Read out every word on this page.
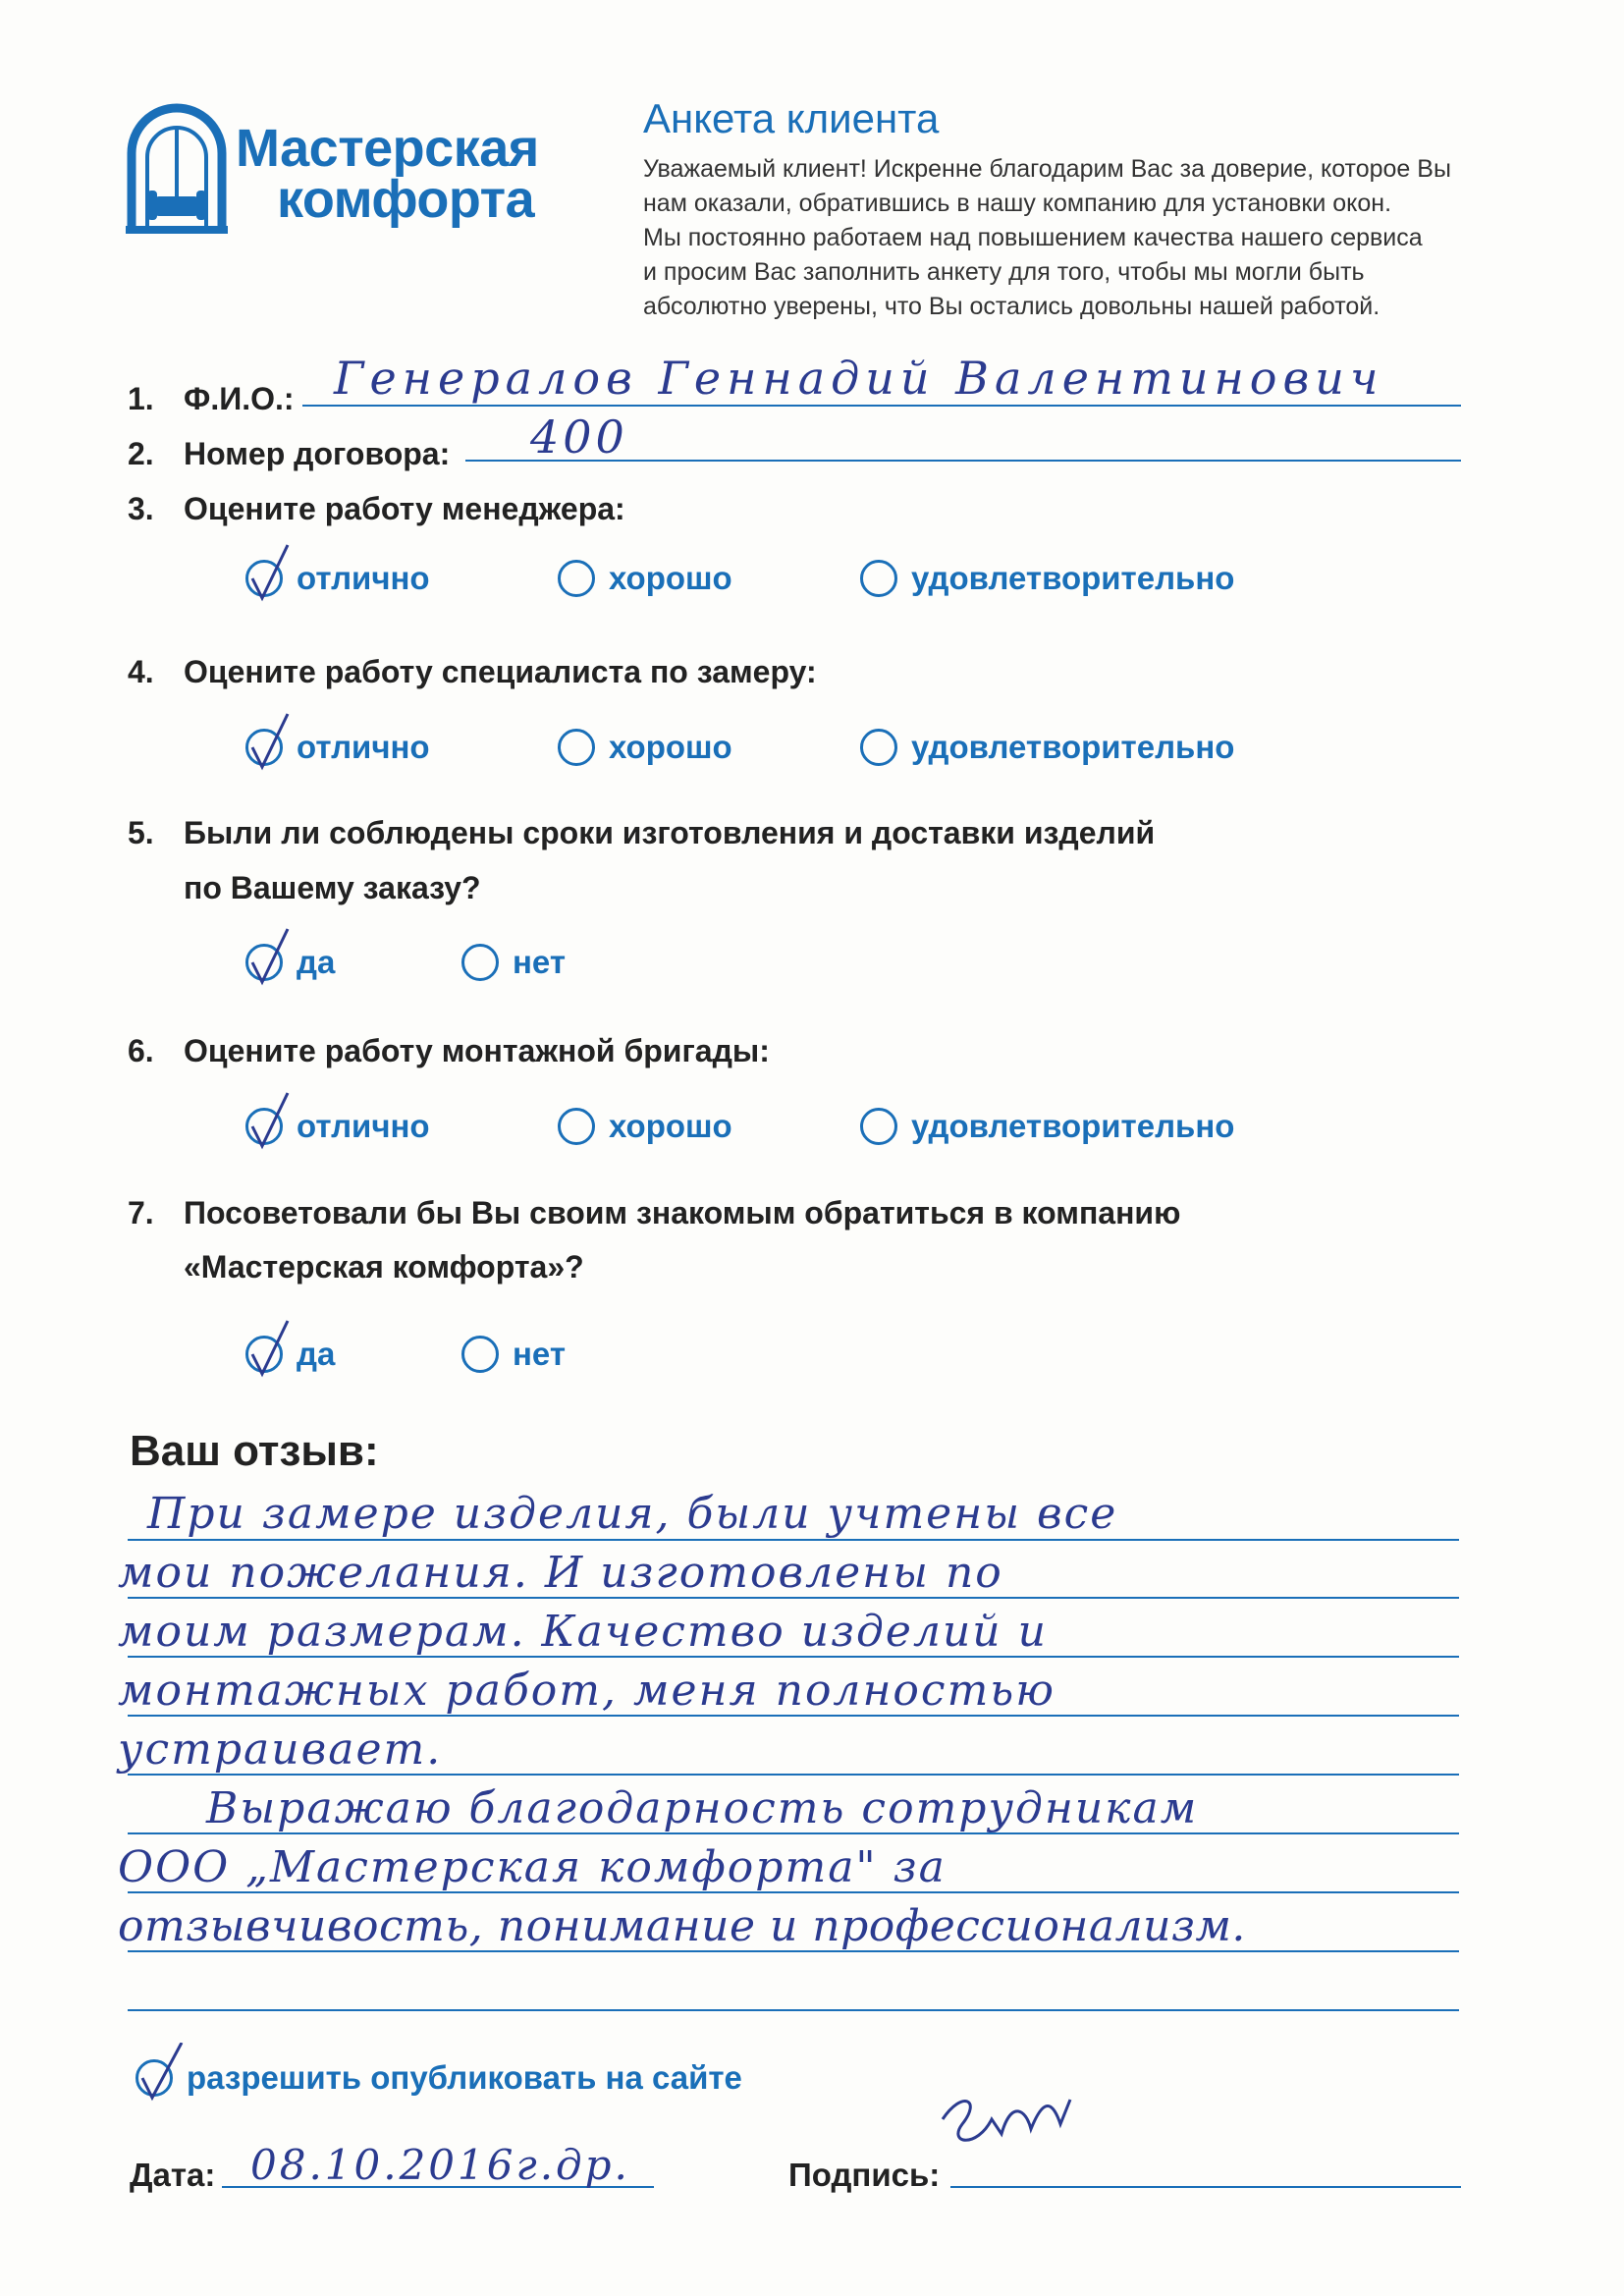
Мастерская
комфорта
Анкета клиента
Уважаемый клиент! Искренне благодарим Вас за доверие, которое Вы
нам оказали, обратившись в нашу компанию для установки окон.
Мы постоянно работаем над повышением качества нашего сервиса
и просим Вас заполнить анкету для того, чтобы мы могли быть
абсолютно уверены, что Вы остались довольны нашей работой.
1. Ф.И.О.: Генералов Геннадий Валентинович
2. Номер договора: 400
3. Оцените работу менеджера:
отлично	хорошо	удовлетворительно
4. Оцените работу специалиста по замеру:
отлично	хорошо	удовлетворительно
5. Были ли соблюдены сроки изготовления и доставки изделий
по Вашему заказу?
да	нет
6. Оцените работу монтажной бригады:
отлично	хорошо	удовлетворительно
7. Посоветовали бы Вы своим знакомым обратиться в компанию
«Мастерская комфорта»?
да	нет
Ваш отзыв:
При замере изделия, были учтены все
мои пожелания. И изготовлены по
моим размерам. Качество изделий и
монтажных работ, меня полностью
устраивает.
Выражаю благодарность сотрудникам
ООО „Мастерская комфорта" за
отзывчивость, понимание и профессионализм.
разрешить опубликовать на сайте
Дата: 08.10.2016г.др.	Подпись:
